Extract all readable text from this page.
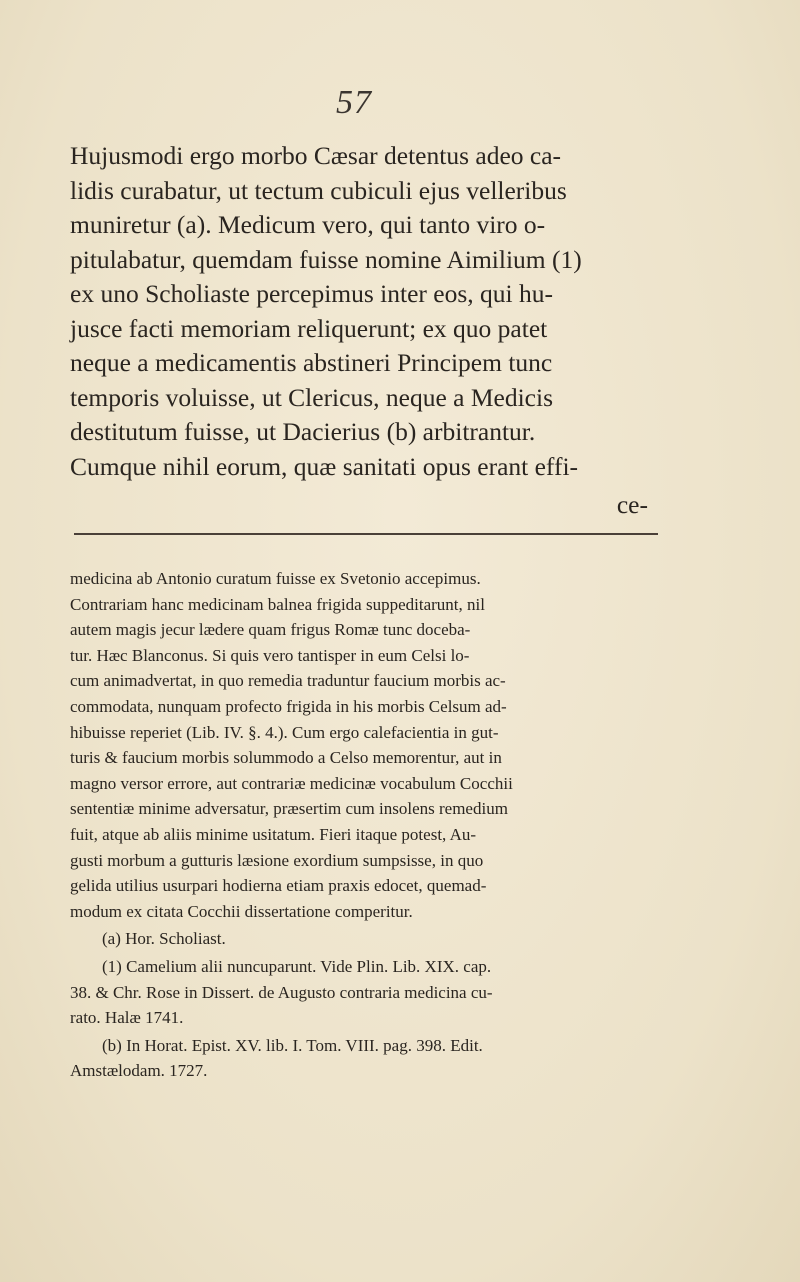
57
Hujusmodi ergo morbo Cæsar detentus adeo ca-
lidis curabatur, ut tectum cubiculi ejus velleribus
muniretur (a). Medicum vero, qui tanto viro o-
pitulabatur, quemdam fuisse nomine Aimilium (1)
ex uno Scholiaste percepimus inter eos, qui hu-
jusce facti memoriam reliquerunt; ex quo patet
neque a medicamentis abstineri Principem tunc
temporis voluisse, ut Clericus, neque a Medicis
destitutum fuisse, ut Dacierius (b) arbitrantur.
Cumque nihil eorum, quæ sanitati opus erant effi-
ce-
medicina ab Antonio curatum fuisse ex Svetonio accepimus.
Contrariam hanc medicinam balnea frigida suppeditarunt, nil
autem magis jecur lædere quam frigus Romæ tunc doceba-
tur. Hæc Blanconus. Si quis vero tantisper in eum Celsi lo-
cum animadvertat, in quo remedia traduntur faucium morbis ac-
commodata, nunquam profecto frigida in his morbis Celsum ad-
hibuisse reperiet (Lib. IV. §. 4.). Cum ergo calefacientia in gut-
turis & faucium morbis solummodo a Celso memorentur, aut in
magno versor errore, aut contrariæ medicinæ vocabulum Cocchii
sententiæ minime adversatur, præsertim cum insolens remedium
fuit, atque ab aliis minime usitatum. Fieri itaque potest, Au-
gusti morbum a gutturis læsione exordium sumpsisse, in quo
gelida utilius usurpari hodierna etiam praxis edocet, quemad-
modum ex citata Cocchii dissertatione comperitur.
(a) Hor. Scholiast.
(1) Camelium alii nuncuparunt. Vide Plin. Lib. XIX. cap.
38. & Chr. Rose in Dissert. de Augusto contraria medicina cu-
rato. Halæ 1741.
(b) In Horat. Epist. XV. lib. I. Tom. VIII. pag. 398. Edit.
Amstælodam. 1727.
